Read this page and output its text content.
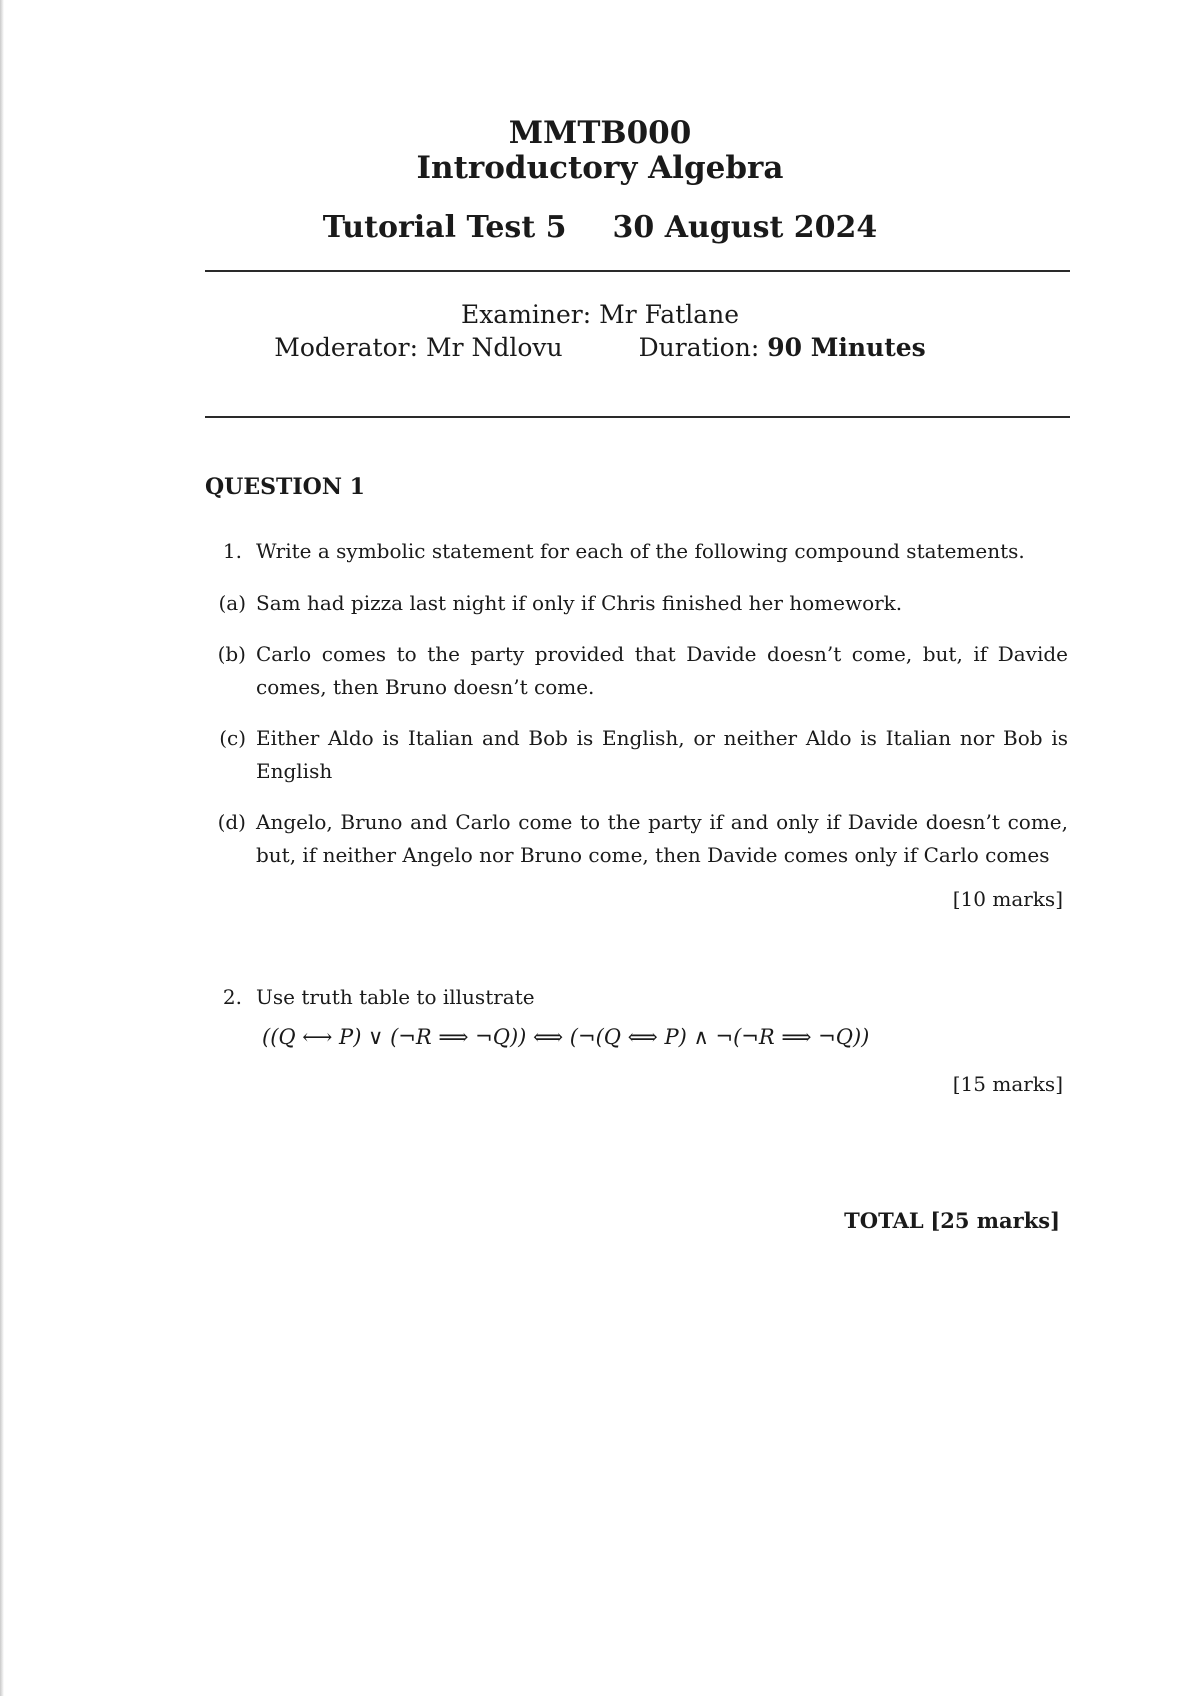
MMTB000
Introductory Algebra
Tutorial Test 5 30 August 2024
Examiner: Mr Fatlane
Moderator: Mr Ndlovu	Duration: 90 Minutes
QUESTION 1
1. Write a symbolic statement for each of the following compound statements.
(a) Sam had pizza last night if only if Chris finished her homework.
(b) Carlo comes to the party provided that Davide doesn’t come, but, if Davide comes, then Bruno doesn’t come.
(c) Either Aldo is Italian and Bob is English, or neither Aldo is Italian nor Bob is English
(d) Angelo, Bruno and Carlo come to the party if and only if Davide doesn’t come, but, if neither Angelo nor Bruno come, then Davide comes only if Carlo comes
[10 marks]
2. Use truth table to illustrate
((Q ⟷ P) ∨ (¬R ⟹ ¬Q)) ⟺ (¬(Q ⟺ P) ∧ ¬(¬R ⟹ ¬Q))
[15 marks]
TOTAL [25 marks]
